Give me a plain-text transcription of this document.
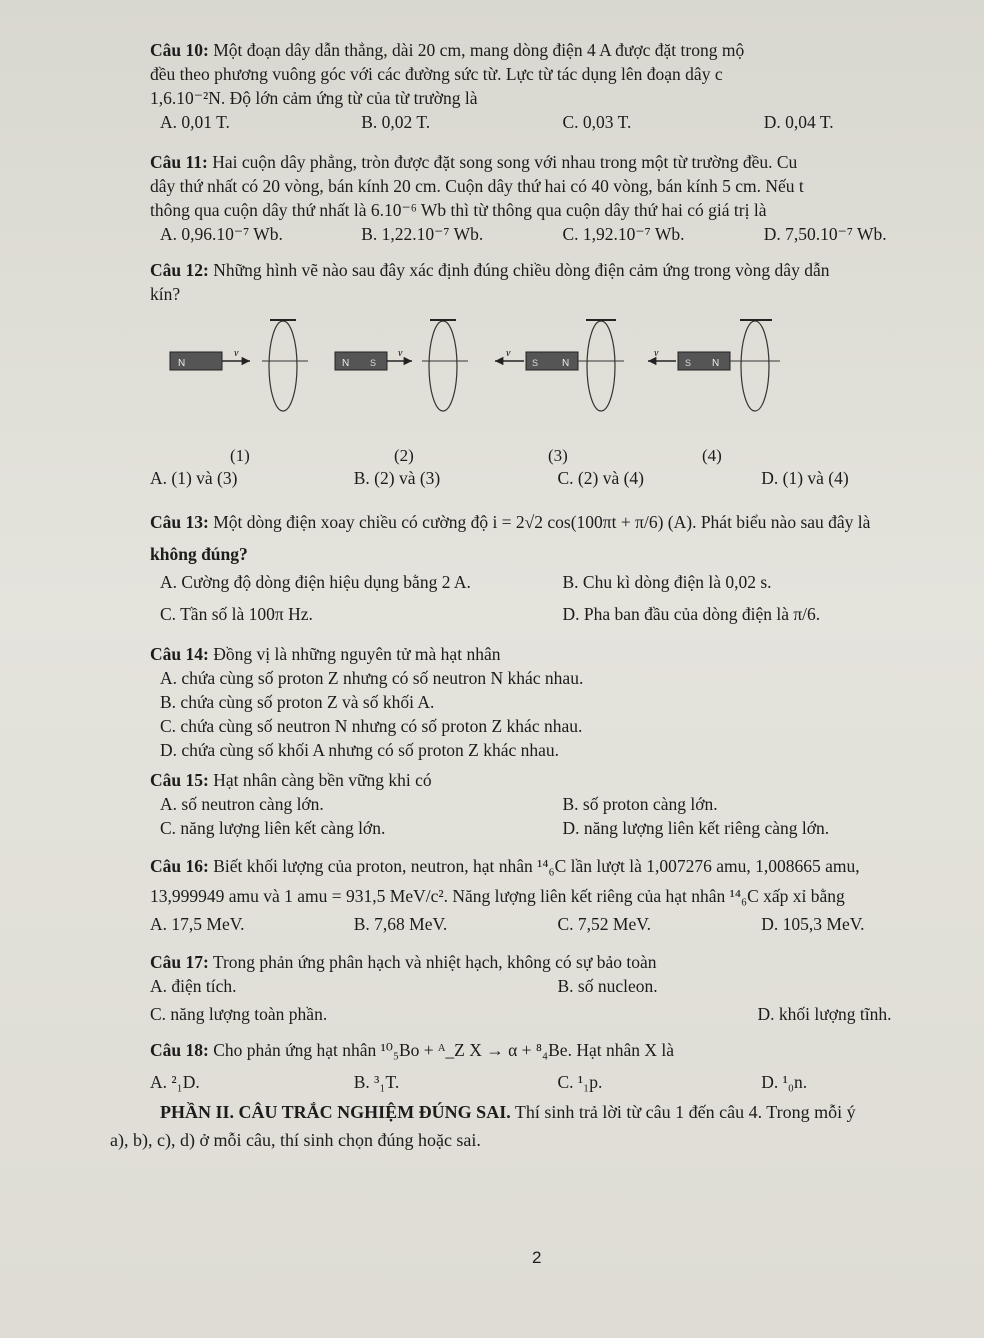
Câu 10: Một đoạn dây dẫn thẳng, dài 20 cm, mang dòng điện 4 A được đặt trong mộ
đều theo phương vuông góc với các đường sức từ. Lực từ tác dụng lên đoạn dây c
1,6.10⁻²N. Độ lớn cảm ứng từ của từ trường là
A. 0,01 T.	B. 0,02 T.	C. 0,03 T.	D. 0,04 T.
Câu 11: Hai cuộn dây phẳng, tròn được đặt song song với nhau trong một từ trường đều. Cu
dây thứ nhất có 20 vòng, bán kính 20 cm. Cuộn dây thứ hai có 40 vòng, bán kính 5 cm. Nếu t
thông qua cuộn dây thứ nhất là 6.10⁻⁶ Wb thì từ thông qua cuộn dây thứ hai có giá trị là
A. 0,96.10⁻⁷ Wb.	B. 1,22.10⁻⁷ Wb.	C. 1,92.10⁻⁷ Wb.	D. 7,50.10⁻⁷ Wb.
Câu 12: Những hình vẽ nào sau đây xác định đúng chiều dòng điện cảm ứng trong vòng dây dẫn
kín?
N
v
N S
v	v
S N
v
S N
(1)	(2)	(3)	(4)
A. (1) và (3)	B. (2) và (3)	C. (2) và (4)	D. (1) và (4)
Câu 13: Một dòng điện xoay chiều có cường độ i = 2√2 cos(100πt + π/6) (A). Phát biểu nào sau đây là
không đúng?
A. Cường độ dòng điện hiệu dụng bằng 2 A.	B. Chu kì dòng điện là 0,02 s.
C. Tần số là 100π Hz.	D. Pha ban đầu của dòng điện là π/6.
Câu 14: Đồng vị là những nguyên tử mà hạt nhân
A. chứa cùng số proton Z nhưng có số neutron N khác nhau.
B. chứa cùng số proton Z và số khối A.
C. chứa cùng số neutron N nhưng có số proton Z khác nhau.
D. chứa cùng số khối A nhưng có số proton Z khác nhau.
Câu 15: Hạt nhân càng bền vững khi có
A. số neutron càng lớn.	B. số proton càng lớn.
C. năng lượng liên kết càng lớn.	D. năng lượng liên kết riêng càng lớn.
Câu 16: Biết khối lượng của proton, neutron, hạt nhân ¹⁴₆C lần lượt là 1,007276 amu, 1,008665 amu,
13,999949 amu và 1 amu = 931,5 MeV/c². Năng lượng liên kết riêng của hạt nhân ¹⁴₆C xấp xỉ bằng
A. 17,5 MeV.	B. 7,68 MeV.	C. 7,52 MeV.	D. 105,3 MeV.
Câu 17: Trong phản ứng phân hạch và nhiệt hạch, không có sự bảo toàn
A. điện tích.	B. số nucleon.
C. năng lượng toàn phần.	D. khối lượng tĩnh.
Câu 18: Cho phản ứng hạt nhân ¹⁰₅Bo + ᴬ_Z X → α + ⁸₄Be. Hạt nhân X là
A. ²₁D.	B. ³₁T.	C. ¹₁p.	D. ¹₀n.
PHẦN II. CÂU TRẮC NGHIỆM ĐÚNG SAI. Thí sinh trả lời từ câu 1 đến câu 4. Trong mỗi ý
a), b), c), d) ở mỗi câu, thí sinh chọn đúng hoặc sai.
2
